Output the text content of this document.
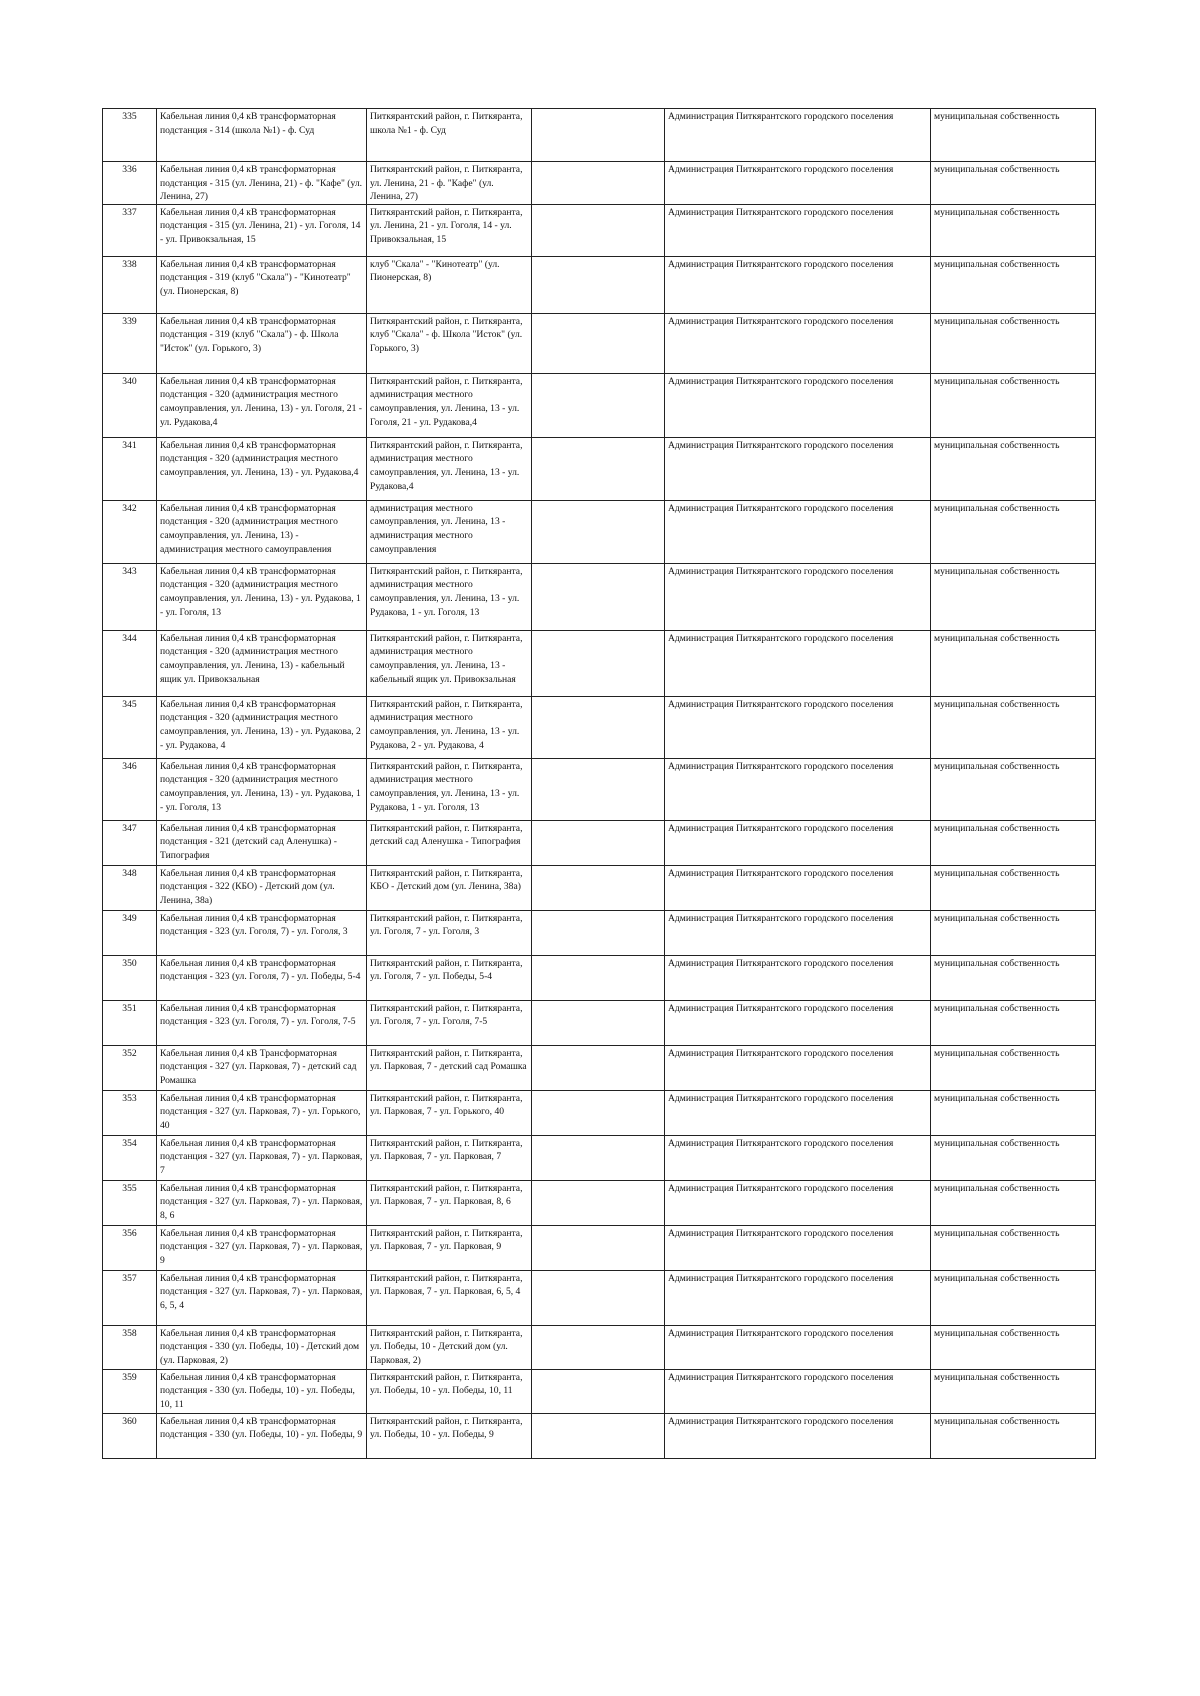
335	Кабельная линия 0,4 кВ трансформаторная подстанция - 314 (школа №1) - ф. Суд	Питкярантский район, г. Питкяранта, школа №1 - ф. Суд		Администрация Питкярантского городского поселения	муниципальная собственность
336	Кабельная линия 0,4 кВ трансформаторная подстанция - 315 (ул. Ленина, 21) - ф. "Кафе" (ул. Ленина, 27)	Питкярантский район, г. Питкяранта, ул. Ленина, 21 - ф. "Кафе" (ул. Ленина, 27)		Администрация Питкярантского городского поселения	муниципальная собственность
337	Кабельная линия 0,4 кВ трансформаторная подстанция - 315 (ул. Ленина, 21) - ул. Гоголя, 14 - ул. Привокзальная, 15	Питкярантский район, г. Питкяранта, ул. Ленина, 21 - ул. Гоголя, 14 - ул. Привокзальная, 15		Администрация Питкярантского городского поселения	муниципальная собственность
338	Кабельная линия 0,4 кВ трансформаторная подстанция - 319 (клуб "Скала") - "Кинотеатр" (ул. Пионерская, 8)	клуб "Скала" - "Кинотеатр" (ул. Пионерская, 8)		Администрация Питкярантского городского поселения	муниципальная собственность
339	Кабельная линия 0,4 кВ трансформаторная подстанция - 319 (клуб "Скала") - ф. Школа "Исток" (ул. Горького, 3)	Питкярантский район, г. Питкяранта, клуб "Скала" - ф. Школа "Исток" (ул. Горького, 3)		Администрация Питкярантского городского поселения	муниципальная собственность
340	Кабельная линия 0,4 кВ трансформаторная подстанция - 320 (администрация местного самоуправления, ул. Ленина, 13) - ул. Гоголя, 21 - ул. Рудакова,4	Питкярантский район, г. Питкяранта, администрация местного самоуправления, ул. Ленина, 13 - ул. Гоголя, 21 - ул. Рудакова,4		Администрация Питкярантского городского поселения	муниципальная собственность
341	Кабельная линия 0,4 кВ трансформаторная подстанция - 320 (администрация местного самоуправления, ул. Ленина, 13) - ул. Рудакова,4	Питкярантский район, г. Питкяранта, администрация местного самоуправления, ул. Ленина, 13 - ул. Рудакова,4		Администрация Питкярантского городского поселения	муниципальная собственность
342	Кабельная линия 0,4 кВ трансформаторная подстанция - 320 (администрация местного самоуправления, ул. Ленина, 13) - администрация местного самоуправления	администрация местного самоуправления, ул. Ленина, 13 - администрация местного самоуправления		Администрация Питкярантского городского поселения	муниципальная собственность
343	Кабельная линия 0,4 кВ трансформаторная подстанция - 320 (администрация местного самоуправления, ул. Ленина, 13) - ул. Рудакова, 1 - ул. Гоголя, 13	Питкярантский район, г. Питкяранта, администрация местного самоуправления, ул. Ленина, 13 - ул. Рудакова, 1 - ул. Гоголя, 13		Администрация Питкярантского городского поселения	муниципальная собственность
344	Кабельная линия 0,4 кВ трансформаторная подстанция - 320 (администрация местного самоуправления, ул. Ленина, 13) - кабельный ящик ул. Привокзальная	Питкярантский район, г. Питкяранта, администрация местного самоуправления, ул. Ленина, 13 - кабельный ящик ул. Привокзальная		Администрация Питкярантского городского поселения	муниципальная собственность
345	Кабельная линия 0,4 кВ трансформаторная подстанция - 320 (администрация местного самоуправления, ул. Ленина, 13) - ул. Рудакова, 2 - ул. Рудакова, 4	Питкярантский район, г. Питкяранта, администрация местного самоуправления, ул. Ленина, 13 - ул. Рудакова, 2 - ул. Рудакова, 4		Администрация Питкярантского городского поселения	муниципальная собственность
346	Кабельная линия 0,4 кВ трансформаторная подстанция - 320 (администрация местного самоуправления, ул. Ленина, 13) - ул. Рудакова, 1 - ул. Гоголя, 13	Питкярантский район, г. Питкяранта, администрация местного самоуправления, ул. Ленина, 13 - ул. Рудакова, 1 - ул. Гоголя, 13		Администрация Питкярантского городского поселения	муниципальная собственность
347	Кабельная линия 0,4 кВ трансформаторная подстанция - 321 (детский сад Аленушка) - Типография	Питкярантский район, г. Питкяранта, детский сад Аленушка - Типография		Администрация Питкярантского городского поселения	муниципальная собственность
348	Кабельная линия 0,4 кВ трансформаторная подстанция - 322 (КБО) - Детский дом (ул. Ленина, 38а)	Питкярантский район, г. Питкяранта, КБО - Детский дом (ул. Ленина, 38а)		Администрация Питкярантского городского поселения	муниципальная собственность
349	Кабельная линия 0,4 кВ трансформаторная подстанция - 323 (ул. Гоголя, 7) - ул. Гоголя, 3	Питкярантский район, г. Питкяранта, ул. Гоголя, 7 - ул. Гоголя, 3		Администрация Питкярантского городского поселения	муниципальная собственность
350	Кабельная линия 0,4 кВ трансформаторная подстанция - 323 (ул. Гоголя, 7) - ул. Победы, 5-4	Питкярантский район, г. Питкяранта, ул. Гоголя, 7 - ул. Победы, 5-4		Администрация Питкярантского городского поселения	муниципальная собственность
351	Кабельная линия 0,4 кВ трансформаторная подстанция - 323 (ул. Гоголя, 7) - ул. Гоголя, 7-5	Питкярантский район, г. Питкяранта, ул. Гоголя, 7 - ул. Гоголя, 7-5		Администрация Питкярантского городского поселения	муниципальная собственность
352	Кабельная линия 0,4 кВ Трансформаторная подстанция - 327 (ул. Парковая, 7) - детский сад Ромашка	Питкярантский район, г. Питкяранта, ул. Парковая, 7 - детский сад Ромашка		Администрация Питкярантского городского поселения	муниципальная собственность
353	Кабельная линия 0,4 кВ трансформаторная подстанция - 327 (ул. Парковая, 7) - ул. Горького, 40	Питкярантский район, г. Питкяранта, ул. Парковая, 7 - ул. Горького, 40		Администрация Питкярантского городского поселения	муниципальная собственность
354	Кабельная линия 0,4 кВ трансформаторная подстанция - 327 (ул. Парковая, 7) - ул. Парковая, 7	Питкярантский район, г. Питкяранта, ул. Парковая, 7 - ул. Парковая, 7		Администрация Питкярантского городского поселения	муниципальная собственность
355	Кабельная линия 0,4 кВ трансформаторная подстанция - 327 (ул. Парковая, 7) - ул. Парковая, 8, 6	Питкярантский район, г. Питкяранта, ул. Парковая, 7 - ул. Парковая, 8, 6		Администрация Питкярантского городского поселения	муниципальная собственность
356	Кабельная линия 0,4 кВ трансформаторная подстанция - 327 (ул. Парковая, 7) - ул. Парковая, 9	Питкярантский район, г. Питкяранта, ул. Парковая, 7 - ул. Парковая, 9		Администрация Питкярантского городского поселения	муниципальная собственность
357	Кабельная линия 0,4 кВ трансформаторная подстанция - 327 (ул. Парковая, 7) - ул. Парковая, 6, 5, 4	Питкярантский район, г. Питкяранта, ул. Парковая, 7 - ул. Парковая, 6, 5, 4		Администрация Питкярантского городского поселения	муниципальная собственность
358	Кабельная линия 0,4 кВ трансформаторная подстанция - 330 (ул. Победы, 10) - Детский дом (ул. Парковая, 2)	Питкярантский район, г. Питкяранта, ул. Победы, 10 - Детский дом (ул. Парковая, 2)		Администрация Питкярантского городского поселения	муниципальная собственность
359	Кабельная линия 0,4 кВ трансформаторная подстанция - 330 (ул. Победы, 10) - ул. Победы, 10, 11	Питкярантский район, г. Питкяранта, ул. Победы, 10 - ул. Победы, 10, 11		Администрация Питкярантского городского поселения	муниципальная собственность
360	Кабельная линия 0,4 кВ трансформаторная подстанция - 330 (ул. Победы, 10) - ул. Победы, 9	Питкярантский район, г. Питкяранта, ул. Победы, 10 - ул. Победы, 9		Администрация Питкярантского городского поселения	муниципальная собственность
